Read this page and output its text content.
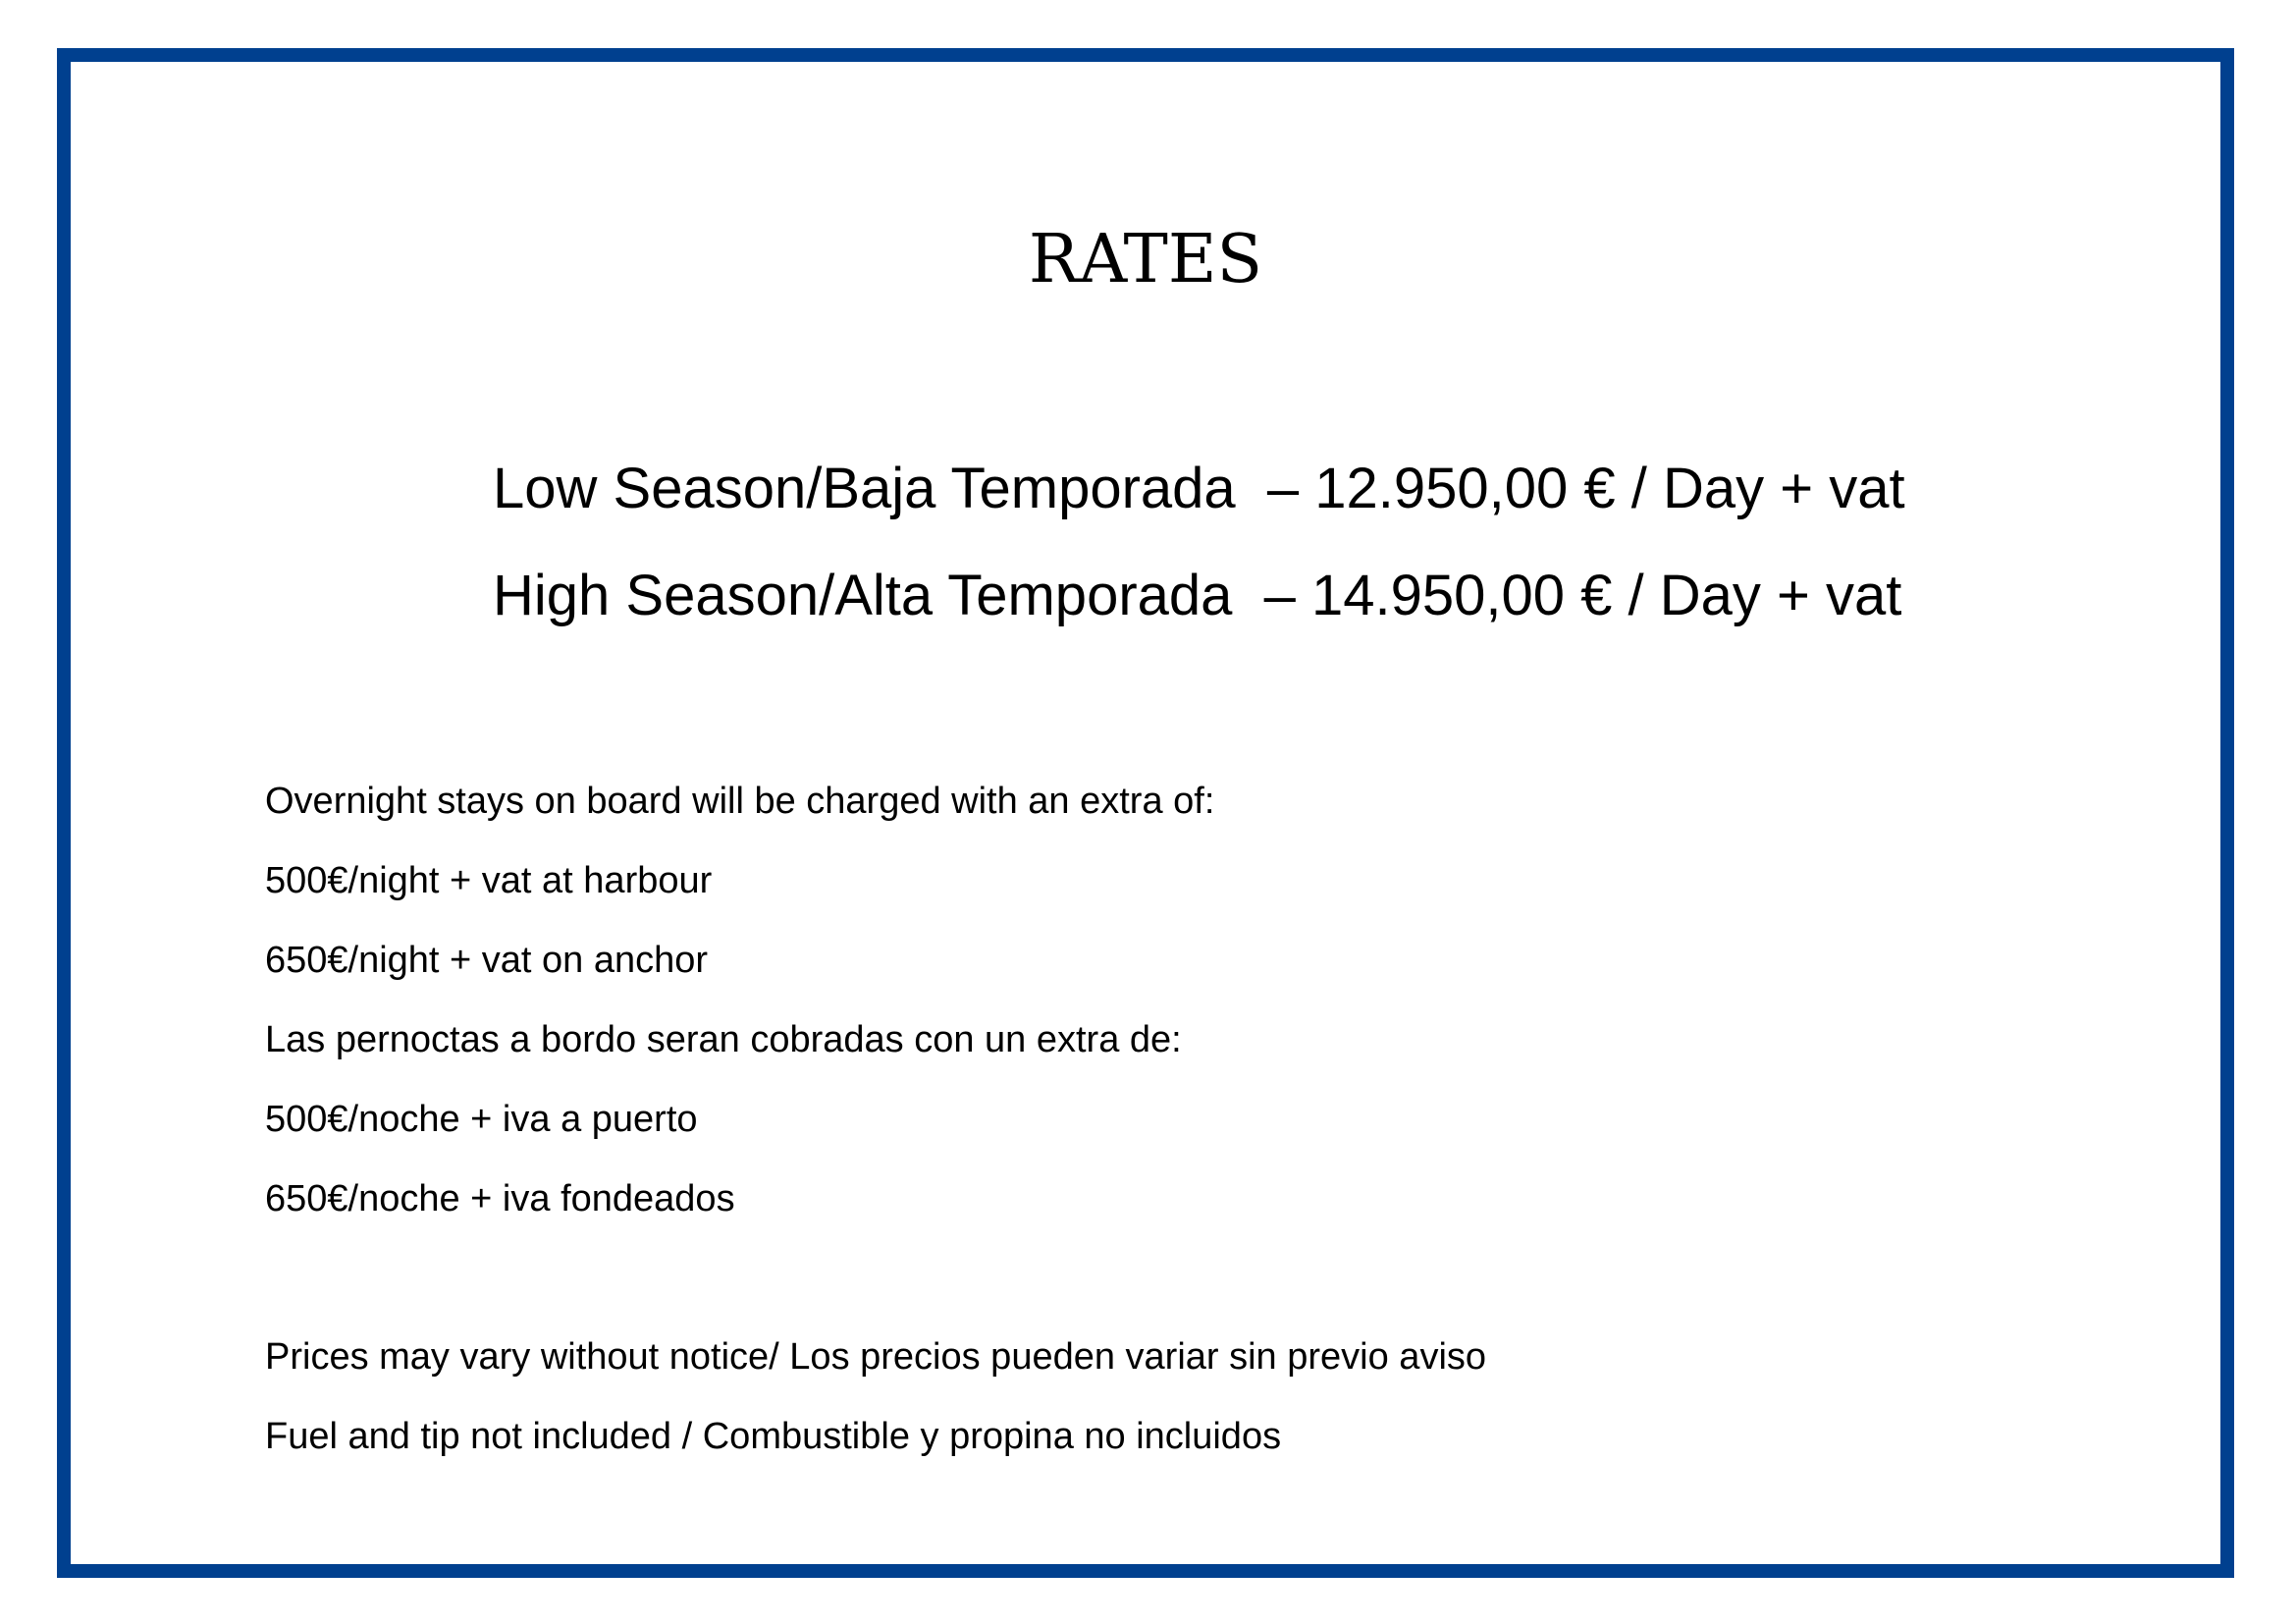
RATES
Low Season/Baja Temporada  – 12.950,00 € / Day + vat
High Season/Alta Temporada  – 14.950,00 € / Day + vat
Overnight stays on board will be charged with an extra of:
500€/night + vat at harbour
650€/night + vat on anchor
Las pernoctas a bordo seran cobradas con un extra de:
500€/noche + iva a puerto
650€/noche + iva fondeados
Prices may vary without notice/ Los precios pueden variar sin previo aviso
Fuel and tip not included / Combustible y propina no incluidos
